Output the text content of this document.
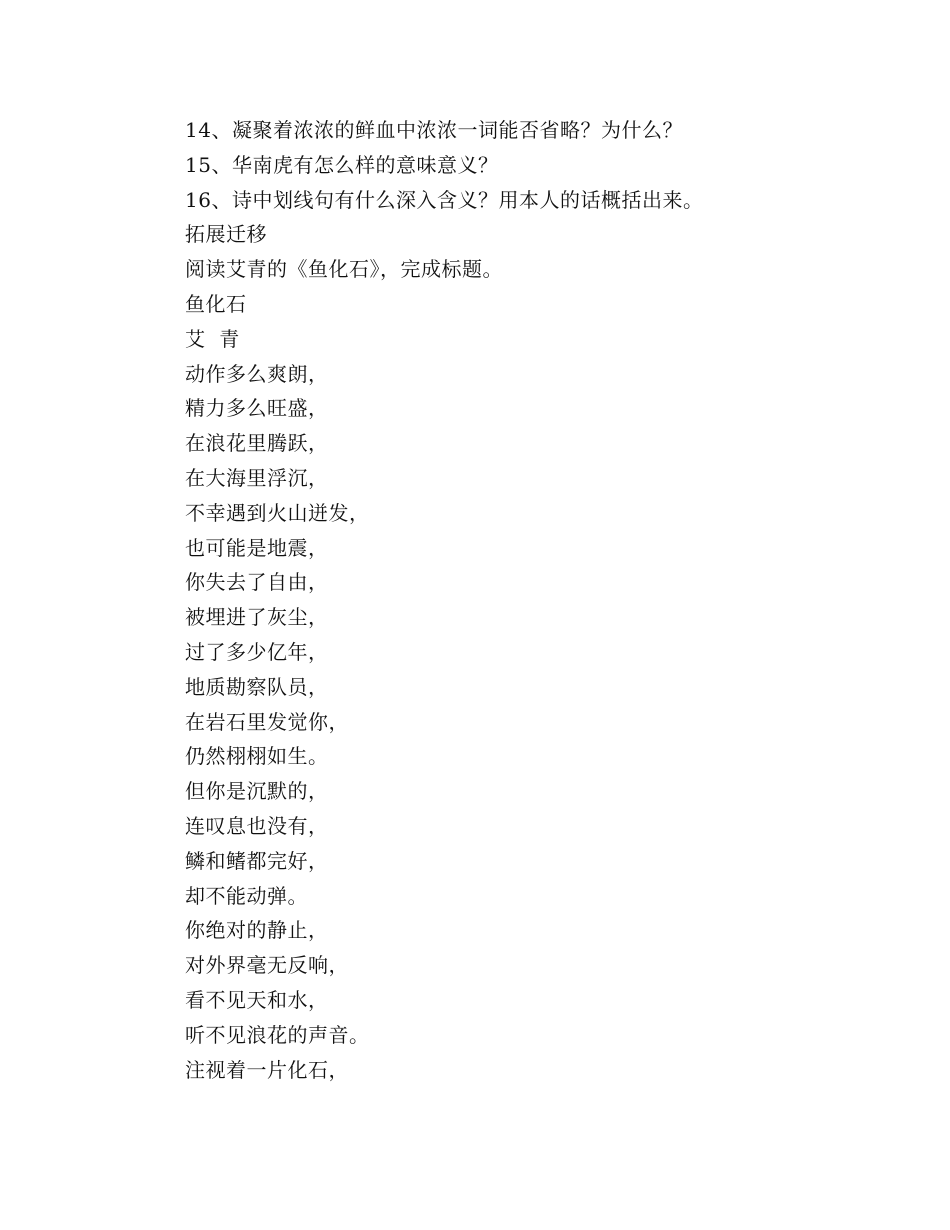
14、凝聚着浓浓的鲜血中浓浓一词能否省略？为什么？
15、华南虎有怎么样的意味意义？
16、诗中划线句有什么深入含义？用本人的话概括出来。
拓展迁移
阅读艾青的《鱼化石》，完成标题。
鱼化石
艾  青
动作多么爽朗，
精力多么旺盛，
在浪花里腾跃，
在大海里浮沉，
不幸遇到火山迸发，
也可能是地震，
你失去了自由，
被埋进了灰尘，
过了多少亿年，
地质勘察队员，
在岩石里发觉你，
仍然栩栩如生。
但你是沉默的，
连叹息也没有，
鳞和鳍都完好，
却不能动弹。
你绝对的静止，
对外界毫无反响，
看不见天和水，
听不见浪花的声音。
注视着一片化石，
